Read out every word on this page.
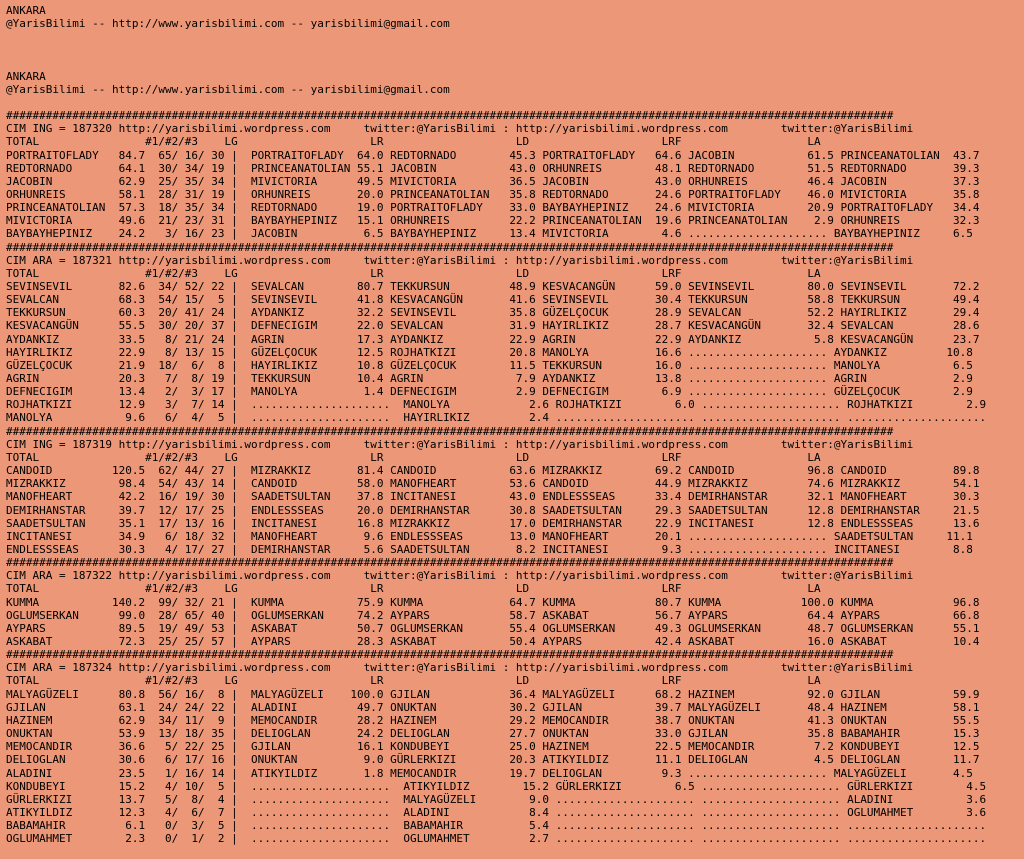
ANKARA
@YarisBilimi -- http://www.yarisbilimi.com -- yarisbilimi@gmail.com
ANKARA
@YarisBilimi -- http://www.yarisbilimi.com -- yarisbilimi@gmail.com
######################################################################################################################################
CIM ING = 187320 http://yarisbilimi.wordpress.com     twitter:@YarisBilimi : http://yarisbilimi.wordpress.com        twitter:@YarisBilimi
TOTAL                #1/#2/#3    LG                    LR                    LD                    LRF                   LA
PORTRAITOFLADY   84.7  65/ 16/ 30 |  PORTRAITOFLADY  64.0 REDTORNADO        45.3 PORTRAITOFLADY   64.6 JACOBIN           61.5 PRINCEANATOLIAN  43.7
REDTORNADO       64.1  30/ 34/ 19 |  PRINCEANATOLIAN 55.1 JACOBIN           43.0 ORHUNREIS        48.1 REDTORNADO        51.5 REDTORNADO       39.3
JACOBIN          62.9  25/ 35/ 34 |  MIVICTORIA      49.5 MIVICTORIA        36.5 JACOBIN          43.0 ORHUNREIS         46.4 JACOBIN          37.3
ORHUNREIS        58.1  28/ 31/ 19 |  ORHUNREIS       20.0 PRINCEANATOLIAN   35.8 REDTORNADO       24.6 PORTRAITOFLADY    46.0 MIVICTORIA       35.8
PRINCEANATOLIAN  57.3  18/ 35/ 34 |  REDTORNADO      19.0 PORTRAITOFLADY    33.0 BAYBAYHEPINIZ    24.6 MIVICTORIA        20.9 PORTRAITOFLADY   34.4
MIVICTORIA       49.6  21/ 23/ 31 |  BAYBAYHEPINIZ   15.1 ORHUNREIS         22.2 PRINCEANATOLIAN  19.6 PRINCEANATOLIAN    2.9 ORHUNREIS        32.3
BAYBAYHEPINIZ    24.2   3/ 16/ 23 |  JACOBIN          6.5 BAYBAYHEPINIZ     13.4 MIVICTORIA        4.6 ..................... BAYBAYHEPINIZ     6.5
######################################################################################################################################
CIM ARA = 187321 http://yarisbilimi.wordpress.com     twitter:@YarisBilimi : http://yarisbilimi.wordpress.com        twitter:@YarisBilimi
TOTAL                #1/#2/#3    LG                    LR                    LD                    LRF                   LA
SEVINSEVIL       82.6  34/ 52/ 22 |  SEVALCAN        80.7 TEKKURSUN         48.9 KESVACANGÜN      59.0 SEVINSEVIL        80.0 SEVINSEVIL       72.2
SEVALCAN         68.3  54/ 15/  5 |  SEVINSEVIL      41.8 KESVACANGÜN       41.6 SEVINSEVIL       30.4 TEKKURSUN         58.8 TEKKURSUN        49.4
TEKKURSUN        60.3  20/ 41/ 24 |  AYDANKIZ        32.2 SEVINSEVIL        35.8 GÜZELÇOCUK       28.9 SEVALCAN          52.2 HAYIRLIKIZ       29.4
KESVACANGÜN      55.5  30/ 20/ 37 |  DEFNECIGIM      22.0 SEVALCAN          31.9 HAYIRLIKIZ       28.7 KESVACANGÜN       32.4 SEVALCAN         28.6
AYDANKIZ         33.5   8/ 21/ 24 |  AGRIN           17.3 AYDANKIZ          22.9 AGRIN            22.9 AYDANKIZ           5.8 KESVACANGÜN      23.7
HAYIRLIKIZ       22.9   8/ 13/ 15 |  GÜZELÇOCUK      12.5 ROJHATKIZI        20.8 MANOLYA          16.6 ..................... AYDANKIZ         10.8
GÜZELÇOCUK       21.9  18/  6/  8 |  HAYIRLIKIZ      10.8 GÜZELÇOCUK        11.5 TEKKURSUN        16.0 ..................... MANOLYA           6.5
AGRIN            20.3   7/  8/ 19 |  TEKKURSUN       10.4 AGRIN              7.9 AYDANKIZ         13.8 ..................... AGRIN             2.9
DEFNECIGIM       13.4   2/  3/ 17 |  MANOLYA          1.4 DEFNECIGIM         2.9 DEFNECIGIM        6.9 ..................... GÜZELÇOCUK        2.9
ROJHATKIZI       12.9   3/  7/ 14 |  .....................  MANOLYA            2.6 ROJHATKIZI        6.0 ..................... ROJHATKIZI        2.9
MANOLYA           9.6   6/  4/  5 |  .....................  HAYIRLIKIZ         2.4 ..................... ..................... .....................
######################################################################################################################################
CIM ING = 187319 http://yarisbilimi.wordpress.com     twitter:@YarisBilimi : http://yarisbilimi.wordpress.com        twitter:@YarisBilimi
TOTAL                #1/#2/#3    LG                    LR                    LD                    LRF                   LA
CANDOID         120.5  62/ 44/ 27 |  MIZRAKKIZ       81.4 CANDOID           63.6 MIZRAKKIZ        69.2 CANDOID           96.8 CANDOID          89.8
MIZRAKKIZ        98.4  54/ 43/ 14 |  CANDOID         58.0 MANOFHEART        53.6 CANDOID          44.9 MIZRAKKIZ         74.6 MIZRAKKIZ        54.1
MANOFHEART       42.2  16/ 19/ 30 |  SAADETSULTAN    37.8 INCITANESI        43.0 ENDLESSSEAS      33.4 DEMIRHANSTAR      32.1 MANOFHEART       30.3
DEMIRHANSTAR     39.7  12/ 17/ 25 |  ENDLESSSEAS     20.0 DEMIRHANSTAR      30.8 SAADETSULTAN     29.3 SAADETSULTAN      12.8 DEMIRHANSTAR     21.5
SAADETSULTAN     35.1  17/ 13/ 16 |  INCITANESI      16.8 MIZRAKKIZ         17.0 DEMIRHANSTAR     22.9 INCITANESI        12.8 ENDLESSSEAS      13.6
INCITANESI       34.9   6/ 18/ 32 |  MANOFHEART       9.6 ENDLESSSEAS       13.0 MANOFHEART       20.1 ..................... SAADETSULTAN     11.1
ENDLESSSEAS      30.3   4/ 17/ 27 |  DEMIRHANSTAR     5.6 SAADETSULTAN       8.2 INCITANESI        9.3 ..................... INCITANESI        8.8
######################################################################################################################################
CIM ARA = 187322 http://yarisbilimi.wordpress.com     twitter:@YarisBilimi : http://yarisbilimi.wordpress.com        twitter:@YarisBilimi
TOTAL                #1/#2/#3    LG                    LR                    LD                    LRF                   LA
KUMMA           140.2  99/ 32/ 21 |  KUMMA           75.9 KUMMA             64.7 KUMMA            80.7 KUMMA            100.0 KUMMA            96.8
OGLUMSERKAN      99.0  28/ 65/ 40 |  OGLUMSERKAN     74.2 AYPARS            58.7 ASKABAT          56.7 AYPARS            64.4 AYPARS           66.8
AYPARS           89.5  19/ 49/ 53 |  ASKABAT         50.7 OGLUMSERKAN       55.4 OGLUMSERKAN      49.3 OGLUMSERKAN       48.7 OGLUMSERKAN      55.1
ASKABAT          72.3  25/ 25/ 57 |  AYPARS          28.3 ASKABAT           50.4 AYPARS           42.4 ASKABAT           16.0 ASKABAT          10.4
######################################################################################################################################
CIM ARA = 187324 http://yarisbilimi.wordpress.com     twitter:@YarisBilimi : http://yarisbilimi.wordpress.com        twitter:@YarisBilimi
TOTAL                #1/#2/#3    LG                    LR                    LD                    LRF                   LA
MALYAGÜZELI      80.8  56/ 16/  8 |  MALYAGÜZELI    100.0 GJILAN            36.4 MALYAGÜZELI      68.2 HAZINEM           92.0 GJILAN           59.9
GJILAN           63.1  24/ 24/ 22 |  ALADINI         49.7 ONUKTAN           30.2 GJILAN           39.7 MALYAGÜZELI       48.4 HAZINEM          58.1
HAZINEM          62.9  34/ 11/  9 |  MEMOCANDIR      28.2 HAZINEM           29.2 MEMOCANDIR       38.7 ONUKTAN           41.3 ONUKTAN          55.5
ONUKTAN          53.9  13/ 18/ 35 |  DELIOGLAN       24.2 DELIOGLAN         27.7 ONUKTAN          33.0 GJILAN            35.8 BABAMAHIR        15.3
MEMOCANDIR       36.6   5/ 22/ 25 |  GJILAN          16.1 KONDUBEYI         25.0 HAZINEM          22.5 MEMOCANDIR         7.2 KONDUBEYI        12.5
DELIOGLAN        30.6   6/ 17/ 16 |  ONUKTAN          9.0 GÜRLERKIZI        20.3 ATIKYILDIZ       11.1 DELIOGLAN          4.5 DELIOGLAN        11.7
ALADINI          23.5   1/ 16/ 14 |  ATIKYILDIZ       1.8 MEMOCANDIR        19.7 DELIOGLAN         9.3 ..................... MALYAGÜZELI       4.5
KONDUBEYI        15.2   4/ 10/  5 |  .....................  ATIKYILDIZ        15.2 GÜRLERKIZI        6.5 ..................... GÜRLERKIZI        4.5
GÜRLERKIZI       13.7   5/  8/  4 |  .....................  MALYAGÜZELI        9.0 ..................... ..................... ALADINI           3.6
ATIKYILDIZ       12.3   4/  6/  7 |  .....................  ALADINI            8.4 ..................... ..................... OGLUMAHMET        3.6
BABAMAHIR         6.1   0/  3/  5 |  .....................  BABAMAHIR          5.4 ..................... ..................... .....................
OGLUMAHMET        2.3   0/  1/  2 |  .....................  OGLUMAHMET         2.7 ..................... ..................... .....................
